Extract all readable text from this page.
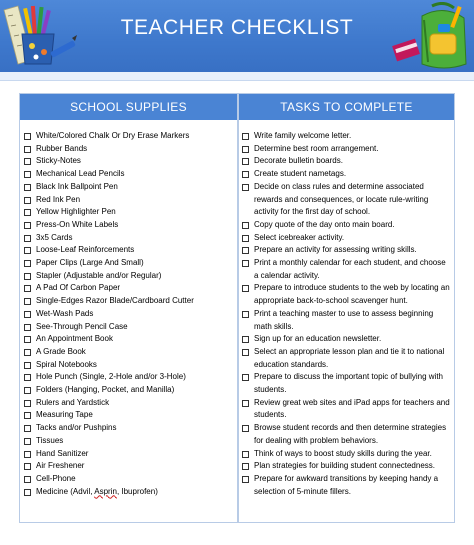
TEACHER CHECKLIST
SCHOOL SUPPLIES	TASKS TO COMPLETE
White/Colored Chalk Or Dry Erase Markers
Rubber Bands
Sticky-Notes
Mechanical Lead Pencils
Black Ink Ballpoint Pen
Red Ink Pen
Yellow Highlighter Pen
Press-On White Labels
3x5 Cards
Loose-Leaf Reinforcements
Paper Clips (Large And Small)
Stapler (Adjustable and/or Regular)
A Pad Of Carbon Paper
Single-Edges Razor Blade/Cardboard Cutter
Wet-Wash Pads
See-Through Pencil Case
An Appointment Book
A Grade Book
Spiral Notebooks
Hole Punch (Single, 2-Hole and/or 3-Hole)
Folders (Hanging, Pocket, and Manilla)
Rulers and Yardstick
Measuring Tape
Tacks and/or Pushpins
Tissues
Hand Sanitizer
Air Freshener
Cell-Phone
Medicine (Advil, Asprin, Ibuprofen)
Write family welcome letter.
Determine best room arrangement.
Decorate bulletin boards.
Create student nametags.
Decide on class rules and determine associated rewards and consequences, or locate rule-writing activity for the first day of school.
Copy quote of the day onto main board.
Select icebreaker activity.
Prepare an activity for assessing writing skills.
Print a monthly calendar for each student, and choose a calendar activity.
Prepare to introduce students to the web by locating an appropriate back-to-school scavenger hunt.
Print a teaching master to use to assess beginning math skills.
Sign up for an education newsletter.
Select an appropriate lesson plan and tie it to national education standards.
Prepare to discuss the important topic of bullying with students.
Review great web sites and iPad apps for teachers and students.
Browse student records and then determine strategies for dealing with problem behaviors.
Think of ways to boost study skills during the year.
Plan strategies for building student connectedness.
Prepare for awkward transitions by keeping handy a selection of 5-minute fillers.
